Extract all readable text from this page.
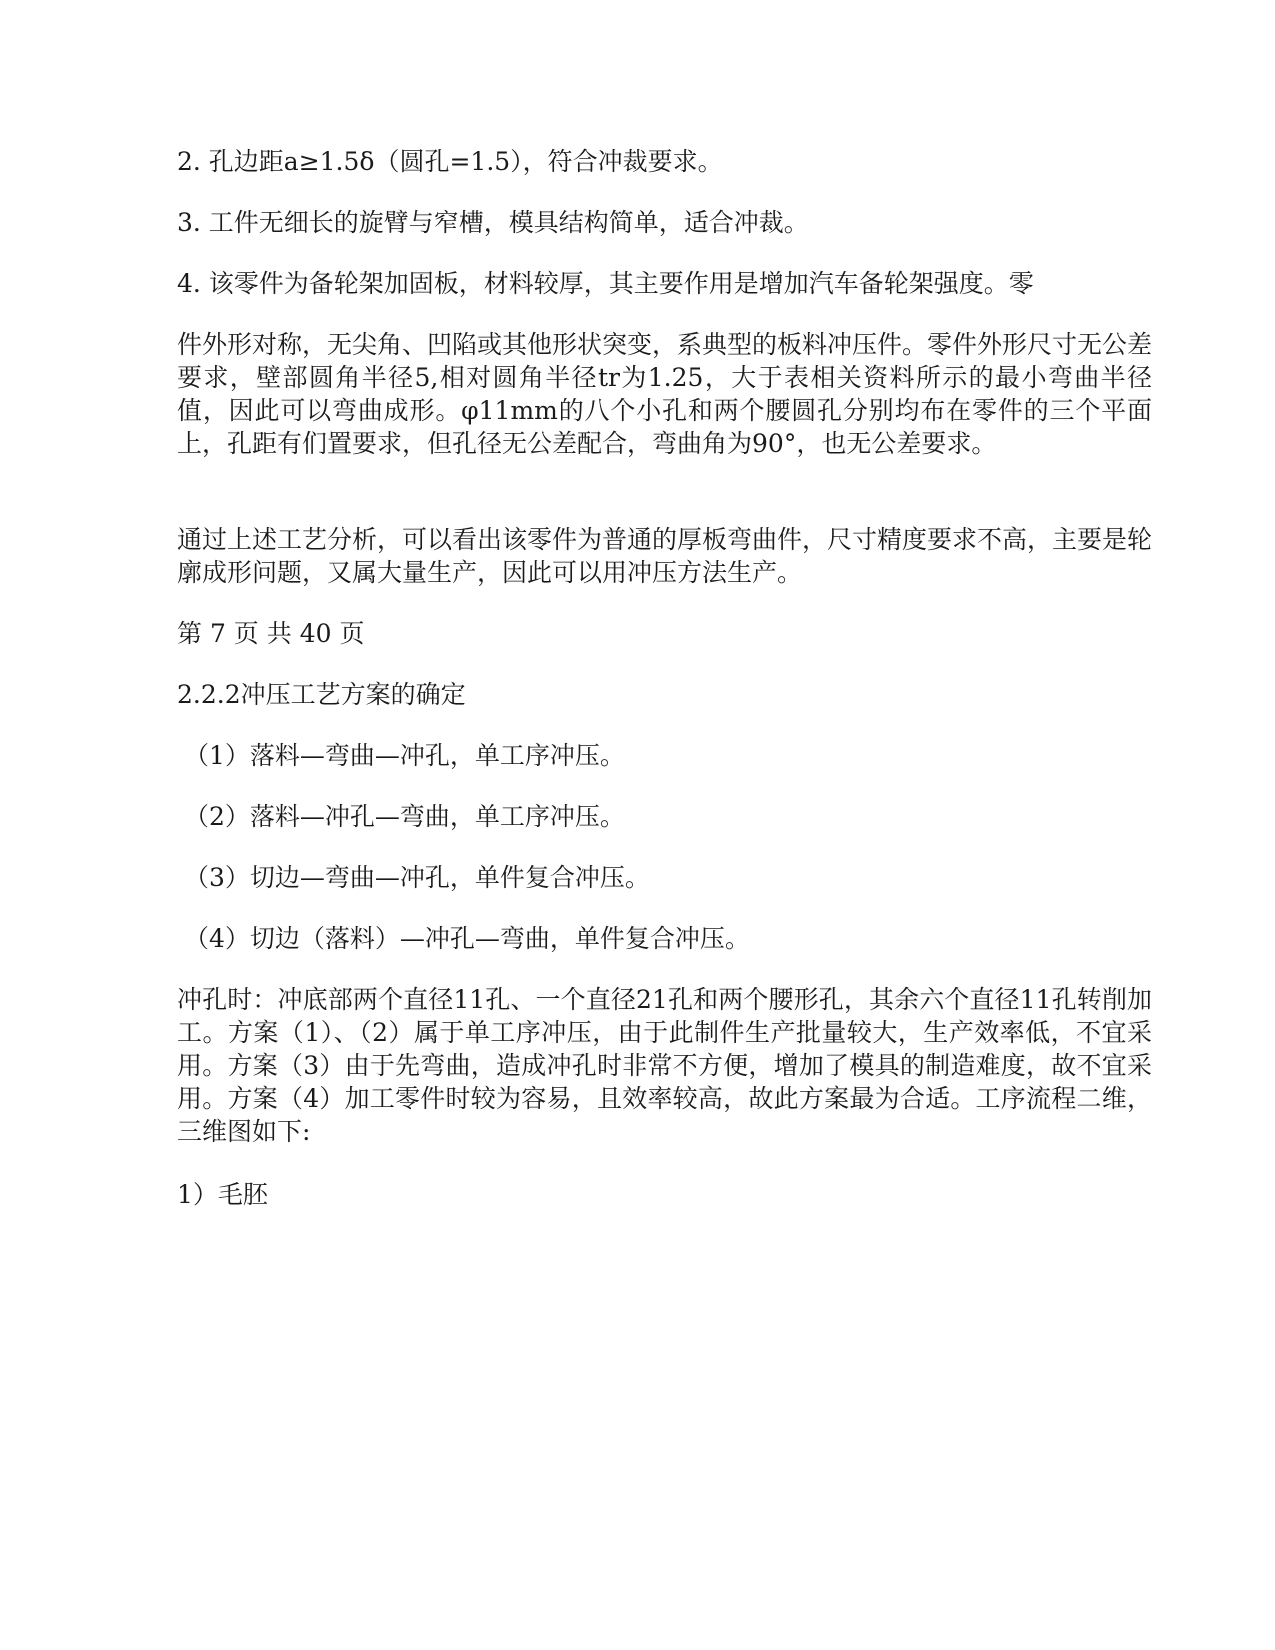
2. 孔边距a≥1.5δ（圆孔=1.5），符合冲裁要求。
3. 工件无细长的旋臂与窄槽，模具结构简单，适合冲裁。
4. 该零件为备轮架加固板，材料较厚，其主要作用是增加汽车备轮架强度。零
件外形对称，无尖角、凹陷或其他形状突变，系典型的板料冲压件。零件外形尺寸无公差要求，壁部圆角半径5,相对圆角半径tr为1.25，大于表相关资料所示的最小弯曲半径值，因此可以弯曲成形。φ11mm的八个小孔和两个腰圆孔分别均布在零件的三个平面上，孔距有们置要求，但孔径无公差配合，弯曲角为90°，也无公差要求。
通过上述工艺分析，可以看出该零件为普通的厚板弯曲件，尺寸精度要求不高，主要是轮廓成形问题，又属大量生产，因此可以用冲压方法生产。
第 7 页 共 40 页
2.2.2冲压工艺方案的确定
（1）落料—弯曲—冲孔，单工序冲压。
（2）落料—冲孔—弯曲，单工序冲压。
（3）切边—弯曲—冲孔，单件复合冲压。
（4）切边（落料）—冲孔—弯曲，单件复合冲压。
冲孔时：冲底部两个直径11孔、一个直径21孔和两个腰形孔，其余六个直径11孔转削加工。方案（1）、（2）属于单工序冲压，由于此制件生产批量较大，生产效率低，不宜采用。方案（3）由于先弯曲，造成冲孔时非常不方便，增加了模具的制造难度，故不宜采用。方案（4）加工零件时较为容易，且效率较高，故此方案最为合适。工序流程二维，三维图如下:
1）毛胚
